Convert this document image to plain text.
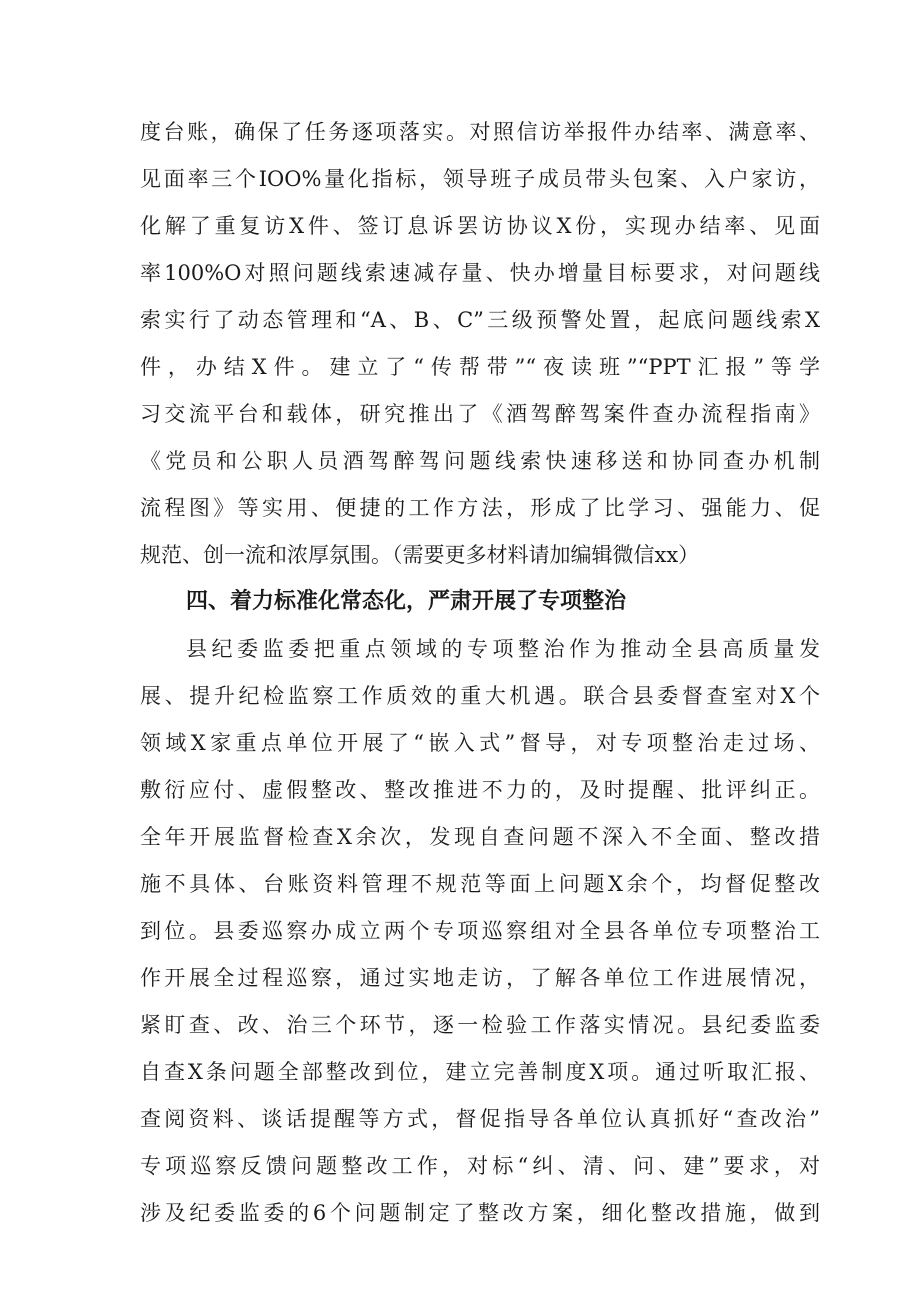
度台账，确保了任务逐项落实。对照信访举报件办结率、满意率、
见面率三个IOO%量化指标，领导班子成员带头包案、入户家访，
化解了重复访X件、签订息诉罢访协议X份，实现办结率、见面
率100%O对照问题线索速减存量、快办增量目标要求，对问题线
索实行了动态管理和“A、B、C”三级预警处置，起底问题线索X
件，办结X件。建立了“传帮带”“夜读班”“PPT汇报”等学
习交流平台和载体，研究推出了《酒驾醉驾案件查办流程指南》
《党员和公职人员酒驾醉驾问题线索快速移送和协同查办机制
流程图》等实用、便捷的工作方法，形成了比学习、强能力、促
规范、创一流和浓厚氛围。（需要更多材料请加编辑微信xx）
四、着力标准化常态化，严肃开展了专项整治
县纪委监委把重点领域的专项整治作为推动全县高质量发
展、提升纪检监察工作质效的重大机遇。联合县委督查室对X个
领域X家重点单位开展了“嵌入式”督导，对专项整治走过场、
敷衍应付、虚假整改、整改推进不力的，及时提醒、批评纠正。
全年开展监督检查X余次，发现自查问题不深入不全面、整改措
施不具体、台账资料管理不规范等面上问题X余个，均督促整改
到位。县委巡察办成立两个专项巡察组对全县各单位专项整治工
作开展全过程巡察，通过实地走访，了解各单位工作进展情况，
紧盯查、改、治三个环节，逐一检验工作落实情况。县纪委监委
自查X条问题全部整改到位，建立完善制度X项。通过听取汇报、
查阅资料、谈话提醒等方式，督促指导各单位认真抓好“查改治”
专项巡察反馈问题整改工作，对标“纠、清、问、建”要求，对
涉及纪委监委的6个问题制定了整改方案，细化整改措施，做到
